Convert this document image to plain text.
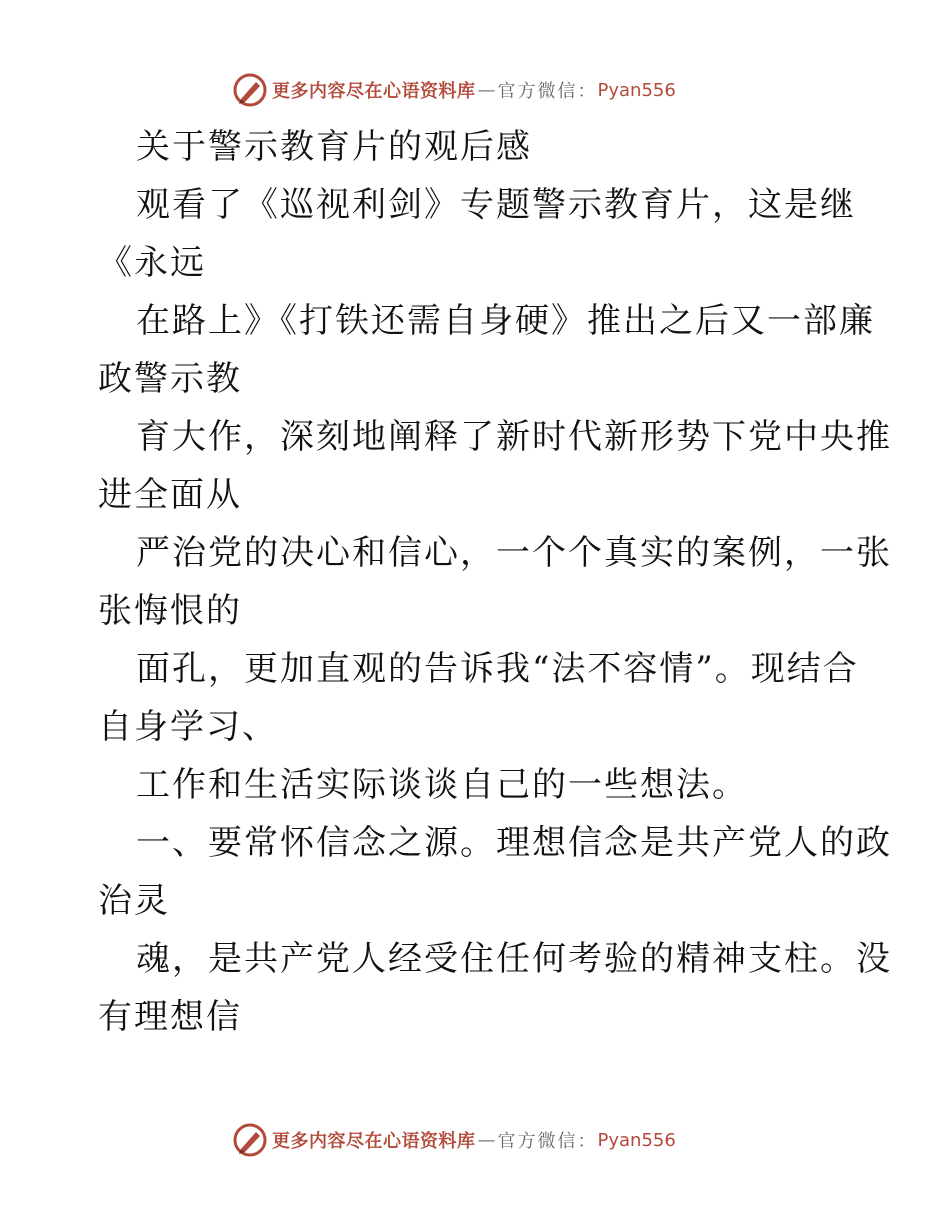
更多内容尽在心语资料库 — 官方微信： Pyan556
关于警示教育片的观后感
观看了《巡视利剑》专题警示教育片，这是继
《永远
在路上》《打铁还需自身硬》推出之后又一部廉
政警示教
育大作，深刻地阐释了新时代新形势下党中央推
进全面从
严治党的决心和信心，一个个真实的案例，一张
张悔恨的
面孔，更加直观的告诉我“法不容情”。现结合
自身学习、
工作和生活实际谈谈自己的一些想法。
一、要常怀信念之源。理想信念是共产党人的政
治灵
魂，是共产党人经受住任何考验的精神支柱。没
有理想信
更多内容尽在心语资料库 — 官方微信： Pyan556
